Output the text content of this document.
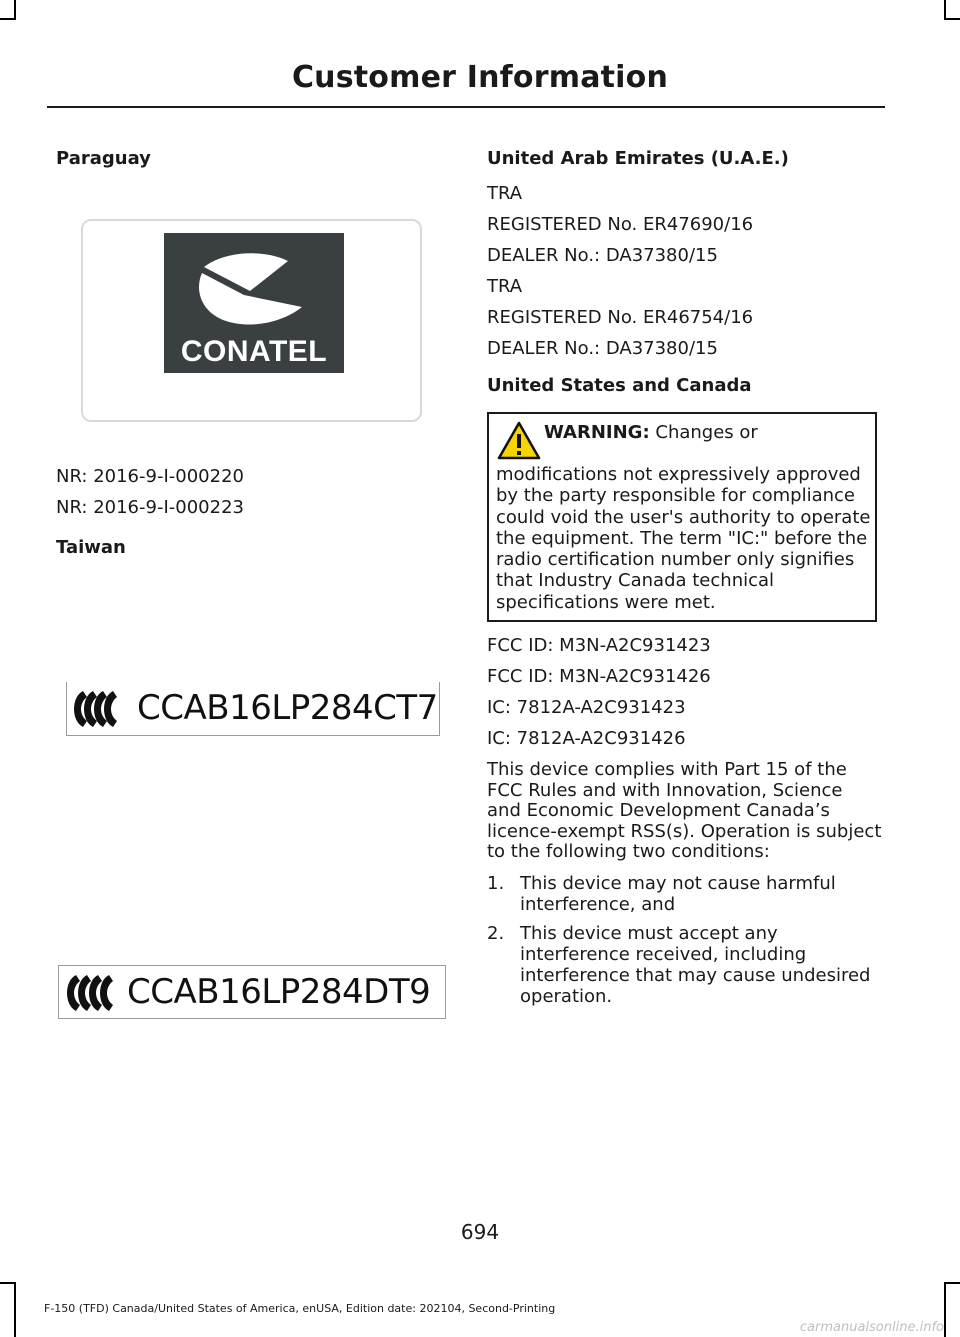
Customer Information
Paraguay
CONATEL
NR: 2016-9-I-000220
NR: 2016-9-I-000223
Taiwan
CCAB16LP284CT7
CCAB16LP284DT9
United Arab Emirates (U.A.E.)
TRA
REGISTERED No. ER47690/16
DEALER No.: DA37380/15
TRA
REGISTERED No. ER46754/16
DEALER No.: DA37380/15
United States and Canada
WARNING: Changes or
modifications not expressively approved by the party responsible for compliance could void the user's authority to operate the equipment. The term "IC:" before the radio certification number only signifies that Industry Canada technical specifications were met.
FCC ID: M3N-A2C931423
FCC ID: M3N-A2C931426
IC: 7812A-A2C931423
IC: 7812A-A2C931426
This device complies with Part 15 of the FCC Rules and with Innovation, Science and Economic Development Canada’s licence-exempt RSS(s). Operation is subject to the following two conditions:
1. This device may not cause harmful interference, and
2. This device must accept any interference received, including interference that may cause undesired operation.
694
F-150 (TFD) Canada/United States of America, enUSA, Edition date: 202104, Second-Printing
carmanualsonline.info
